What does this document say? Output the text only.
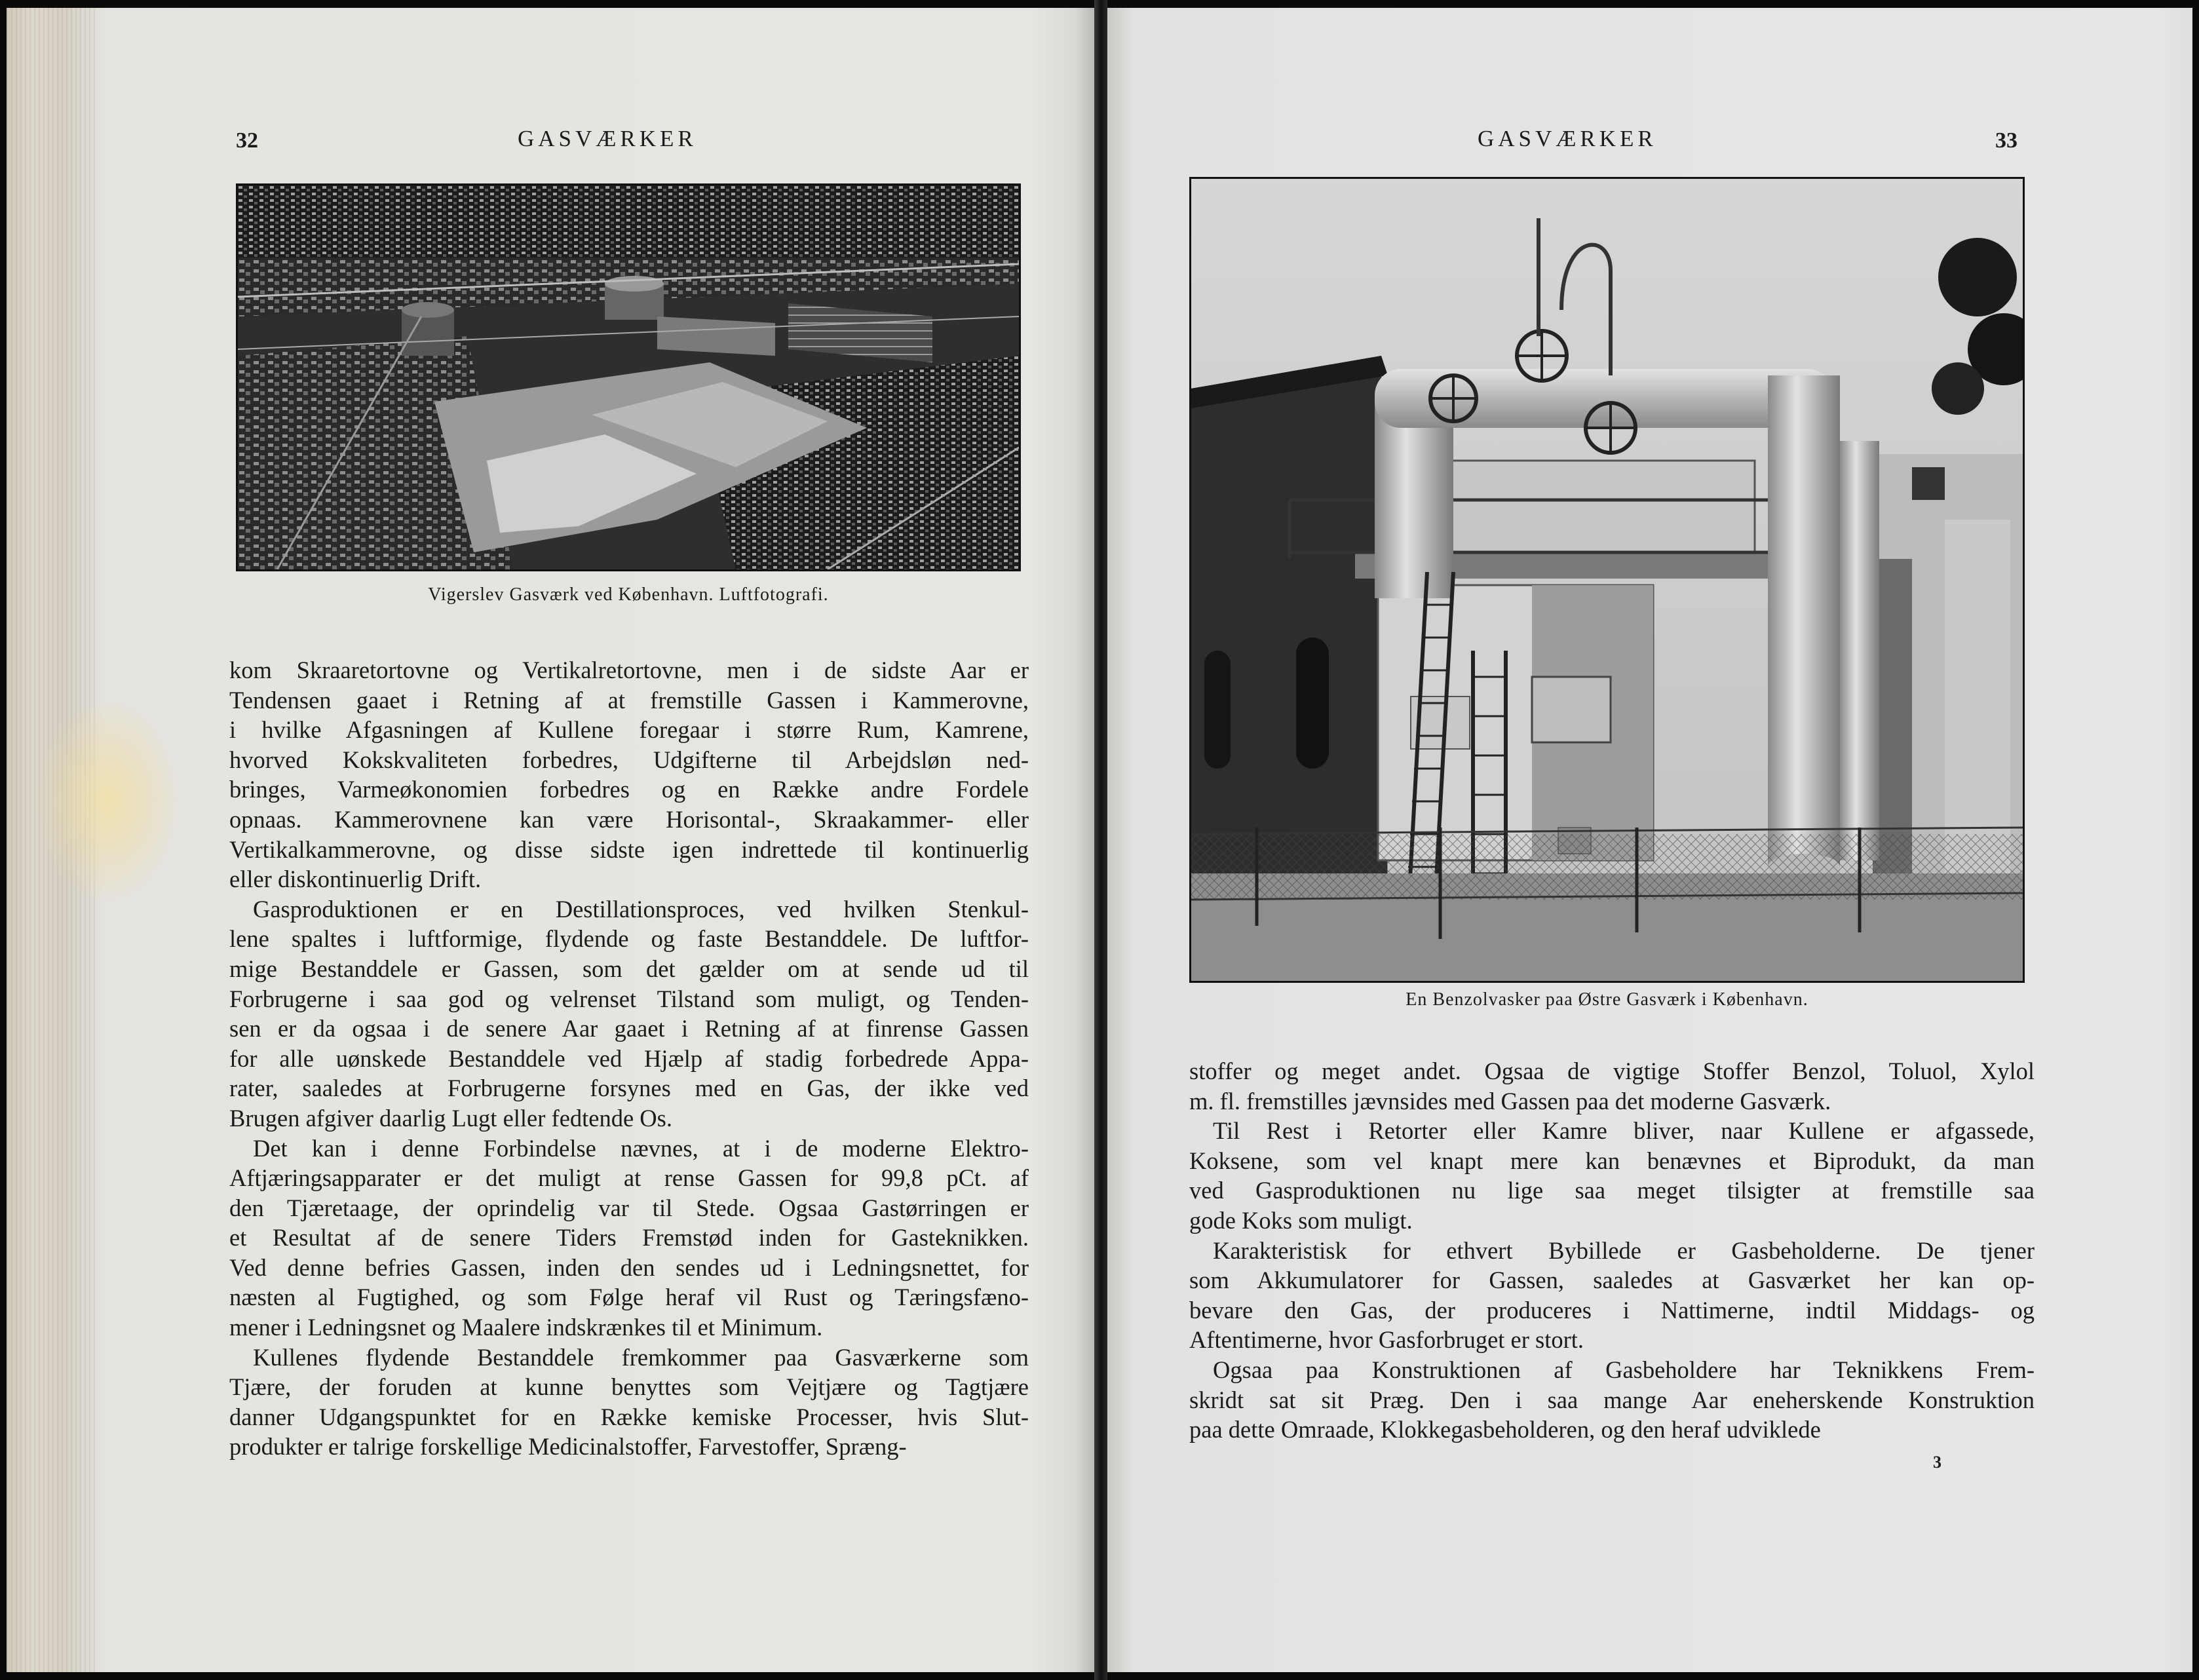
32	GASVÆRKER
Vigerslev Gasværk ved København. Luftfotografi.
kom Skraaretortovne og Vertikalretortovne, men i de sidste Aar er
Tendensen gaaet i Retning af at fremstille Gassen i Kammerovne,
i hvilke Afgasningen af Kullene foregaar i større Rum, Kamrene,
hvorved Kokskvaliteten forbedres, Udgifterne til Arbejdsløn ned-
bringes, Varmeøkonomien forbedres og en Række andre Fordele
opnaas. Kammerovnene kan være Horisontal-, Skraakammer- eller
Vertikalkammerovne, og disse sidste igen indrettede til kontinuerlig
eller diskontinuerlig Drift.
Gasproduktionen er en Destillationsproces, ved hvilken Stenkul-
lene spaltes i luftformige, flydende og faste Bestanddele. De luftfor-
mige Bestanddele er Gassen, som det gælder om at sende ud til
Forbrugerne i saa god og velrenset Tilstand som muligt, og Tenden-
sen er da ogsaa i de senere Aar gaaet i Retning af at finrense Gassen
for alle uønskede Bestanddele ved Hjælp af stadig forbedrede Appa-
rater, saaledes at Forbrugerne forsynes med en Gas, der ikke ved
Brugen afgiver daarlig Lugt eller fedtende Os.
Det kan i denne Forbindelse nævnes, at i de moderne Elektro-
Aftjæringsapparater er det muligt at rense Gassen for 99,8 pCt. af
den Tjæretaage, der oprindelig var til Stede. Ogsaa Gastørringen er
et Resultat af de senere Tiders Fremstød inden for Gasteknikken.
Ved denne befries Gassen, inden den sendes ud i Ledningsnettet, for
næsten al Fugtighed, og som Følge heraf vil Rust og Tæringsfæno-
mener i Ledningsnet og Maalere indskrænkes til et Minimum.
Kullenes flydende Bestanddele fremkommer paa Gasværkerne som
Tjære, der foruden at kunne benyttes som Vejtjære og Tagtjære
danner Udgangspunktet for en Række kemiske Processer, hvis Slut-
produkter er talrige forskellige Medicinalstoffer, Farvestoffer, Spræng-
GASVÆRKER	33
En Benzolvasker paa Østre Gasværk i København.
stoffer og meget andet. Ogsaa de vigtige Stoffer Benzol, Toluol, Xylol
m. fl. fremstilles jævnsides med Gassen paa det moderne Gasværk.
Til Rest i Retorter eller Kamre bliver, naar Kullene er afgassede,
Koksene, som vel knapt mere kan benævnes et Biprodukt, da man
ved Gasproduktionen nu lige saa meget tilsigter at fremstille saa
gode Koks som muligt.
Karakteristisk for ethvert Bybillede er Gasbeholderne. De tjener
som Akkumulatorer for Gassen, saaledes at Gasværket her kan op-
bevare den Gas, der produceres i Nattimerne, indtil Middags- og
Aftentimerne, hvor Gasforbruget er stort.
Ogsaa paa Konstruktionen af Gasbeholdere har Teknikkens Frem-
skridt sat sit Præg. Den i saa mange Aar eneherskende Konstruktion
paa dette Omraade, Klokkegasbeholderen, og den heraf udviklede
3
